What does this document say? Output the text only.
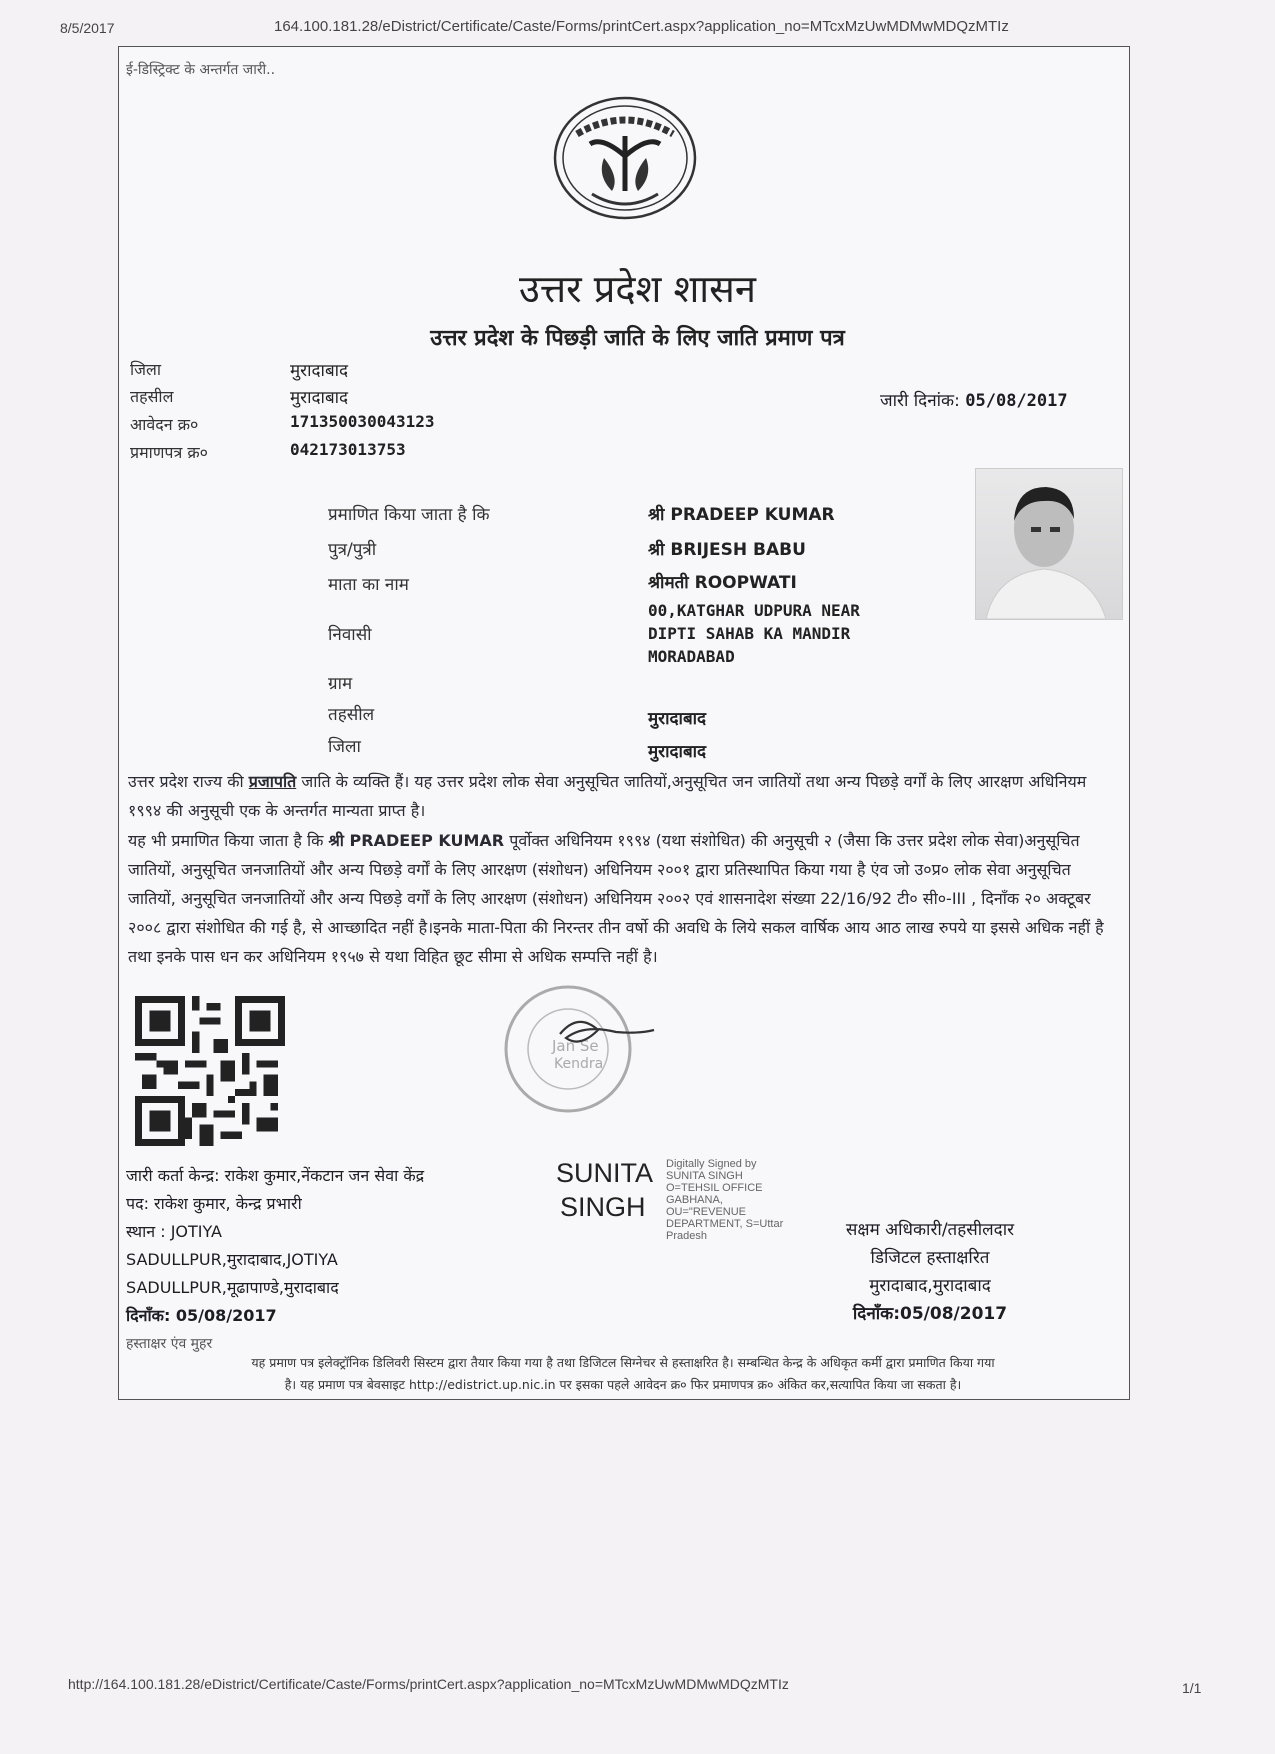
8/5/2017	164.100.181.28/eDistrict/Certificate/Caste/Forms/printCert.aspx?application_no=MTcxMzUwMDMwMDQzMTIz
ई-डिस्ट्रिक्ट के अन्तर्गत जारी..
उत्तर प्रदेश शासन
उत्तर प्रदेश के पिछड़ी जाति के लिए जाति प्रमाण पत्र
जिला	मुरादाबाद
तहसील	मुरादाबाद
आवेदन क्र०	171350030043123
प्रमाणपत्र क्र०	042173013753
जारी दिनांक: 05/08/2017
प्रमाणित किया जाता है कि	श्री PRADEEP KUMAR
पुत्र/पुत्री	श्री BRIJESH BABU
माता का नाम	श्रीमती ROOPWATI
00,KATGHAR UDPURA NEAR
निवासी	DIPTI SAHAB KA MANDIR
MORADABAD
ग्राम
तहसील	मुरादाबाद
जिला	मुरादाबाद
उत्तर प्रदेश राज्य की प्रजापति जाति के व्यक्ति हैं। यह उत्तर प्रदेश लोक सेवा अनुसूचित जातियों,अनुसूचित जन जातियों तथा अन्य पिछड़े वर्गों के लिए आरक्षण अधिनियम १९९४ की अनुसूची एक के अन्तर्गत मान्यता प्राप्त है।
यह भी प्रमाणित किया जाता है कि श्री PRADEEP KUMAR पूर्वोक्त अधिनियम १९९४ (यथा संशोधित) की अनुसूची २ (जैसा कि उत्तर प्रदेश लोक सेवा)अनुसूचित जातियों, अनुसूचित जनजातियों और अन्य पिछड़े वर्गों के लिए आरक्षण (संशोधन) अधिनियम २००१ द्वारा प्रतिस्थापित किया गया है एंव जो उ०प्र० लोक सेवा अनुसूचित जातियों, अनुसूचित जनजातियों और अन्य पिछड़े वर्गों के लिए आरक्षण (संशोधन) अधिनियम २००२ एवं शासनादेश संख्या 22/16/92 टी० सी०-III , दिनाँक २० अक्टूबर २००८ द्वारा संशोधित की गई है, से आच्छादित नहीं है।इनके माता-पिता की निरन्तर तीन वर्षो की अवधि के लिये सकल वार्षिक आय आठ लाख रुपये या इससे अधिक नहीं है तथा इनके पास धन कर अधिनियम १९५७ से यथा विहित छूट सीमा से अधिक सम्पत्ति नहीं है।
Jan Se
Kendra
जारी कर्ता केन्द्र: राकेश कुमार,नेंकटान जन सेवा केंद्र
पद: राकेश कुमार, केन्द्र प्रभारी
स्थान : JOTIYA
SADULLPUR,मुरादाबाद,JOTIYA
SADULLPUR,मूढापाण्डे,मुरादाबाद
दिनाँक: 05/08/2017
हस्ताक्षर एंव मुहर
SUNITA
SINGH
Digitally Signed by
SUNITA SINGH
O=TEHSIL OFFICE
GABHANA,
OU="REVENUE
DEPARTMENT, S=Uttar
Pradesh	सक्षम अधिकारी/तहसीलदार
डिजिटल हस्ताक्षरित
मुरादाबाद,मुरादाबाद
दिनाँक:05/08/2017
यह प्रमाण पत्र इलेक्ट्रॉनिक डिलिवरी सिस्टम द्वारा तैयार किया गया है तथा डिजिटल सिग्नेचर से हस्ताक्षरित है। सम्बन्धित केन्द्र के अधिकृत कर्मी द्वारा प्रमाणित किया गया
है। यह प्रमाण पत्र बेवसाइट http://edistrict.up.nic.in पर इसका पहले आवेदन क्र० फिर प्रमाणपत्र क्र० अंकित कर,सत्यापित किया जा सकता है।
http://164.100.181.28/eDistrict/Certificate/Caste/Forms/printCert.aspx?application_no=MTcxMzUwMDMwMDQzMTIz	1/1
